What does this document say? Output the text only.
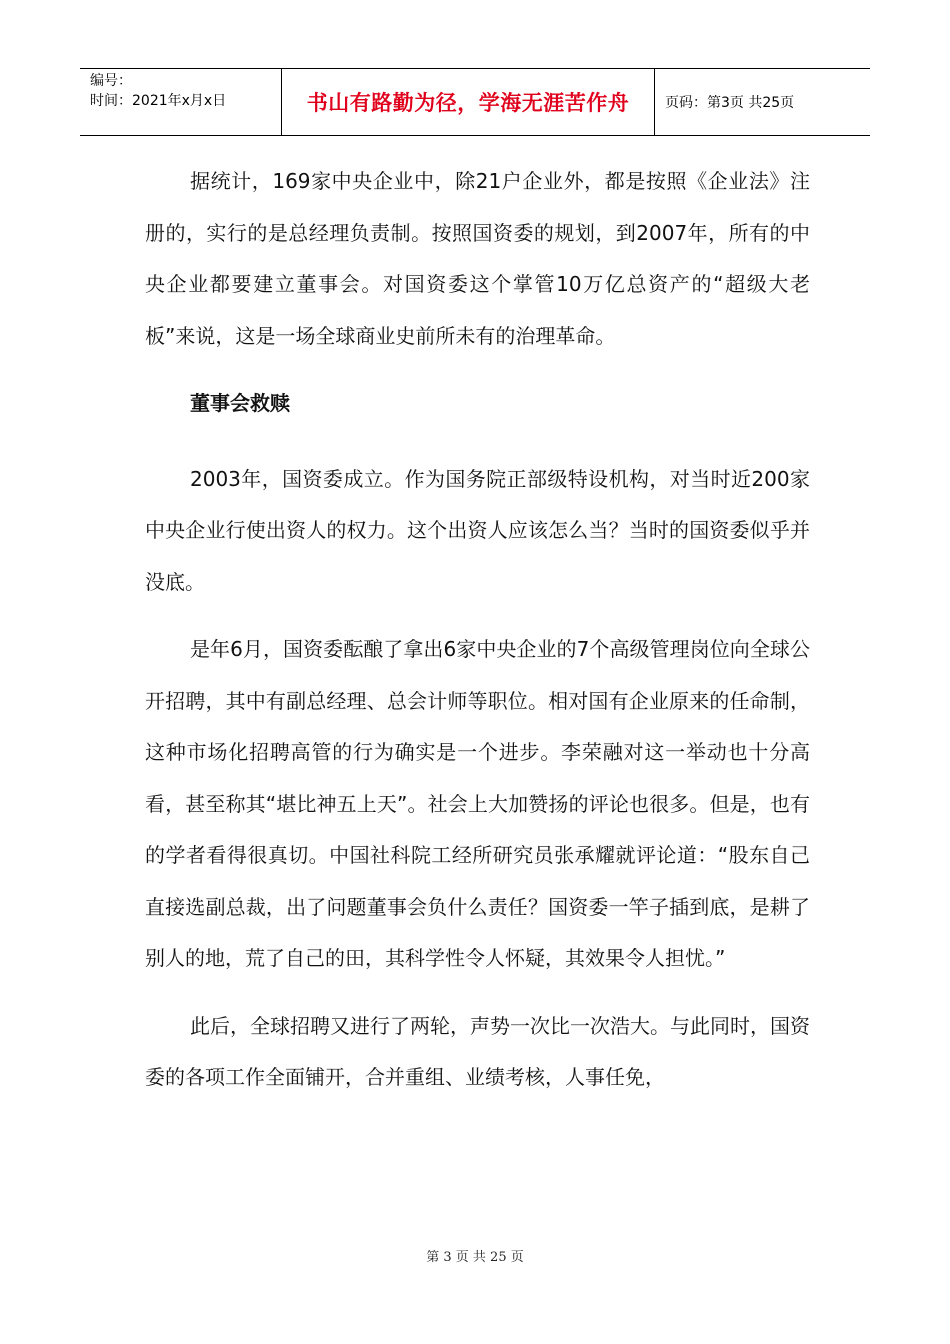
编号：
时间：2021年x月x日	书山有路勤为径，学海无涯苦作舟	页码：第3页 共25页

据统计，169家中央企业中，除21户企业外，都是按照《企业法》注册的，实行的是总经理负责制。按照国资委的规划，到2007年，所有的中央企业都要建立董事会。对国资委这个掌管10万亿总资产的“超级大老板”来说，这是一场全球商业史前所未有的治理革命。

董事会救赎

2003年，国资委成立。作为国务院正部级特设机构，对当时近200家中央企业行使出资人的权力。这个出资人应该怎么当？当时的国资委似乎并没底。

是年6月，国资委酝酿了拿出6家中央企业的7个高级管理岗位向全球公开招聘，其中有副总经理、总会计师等职位。相对国有企业原来的任命制，这种市场化招聘高管的行为确实是一个进步。李荣融对这一举动也十分高看，甚至称其“堪比神五上天”。社会上大加赞扬的评论也很多。但是，也有的学者看得很真切。中国社科院工经所研究员张承耀就评论道：“股东自己直接选副总裁，出了问题董事会负什么责任？国资委一竿子插到底，是耕了别人的地，荒了自己的田，其科学性令人怀疑，其效果令人担忧。”

此后，全球招聘又进行了两轮，声势一次比一次浩大。与此同时，国资委的各项工作全面铺开，合并重组、业绩考核，人事任免，

第 3 页 共 25 页
